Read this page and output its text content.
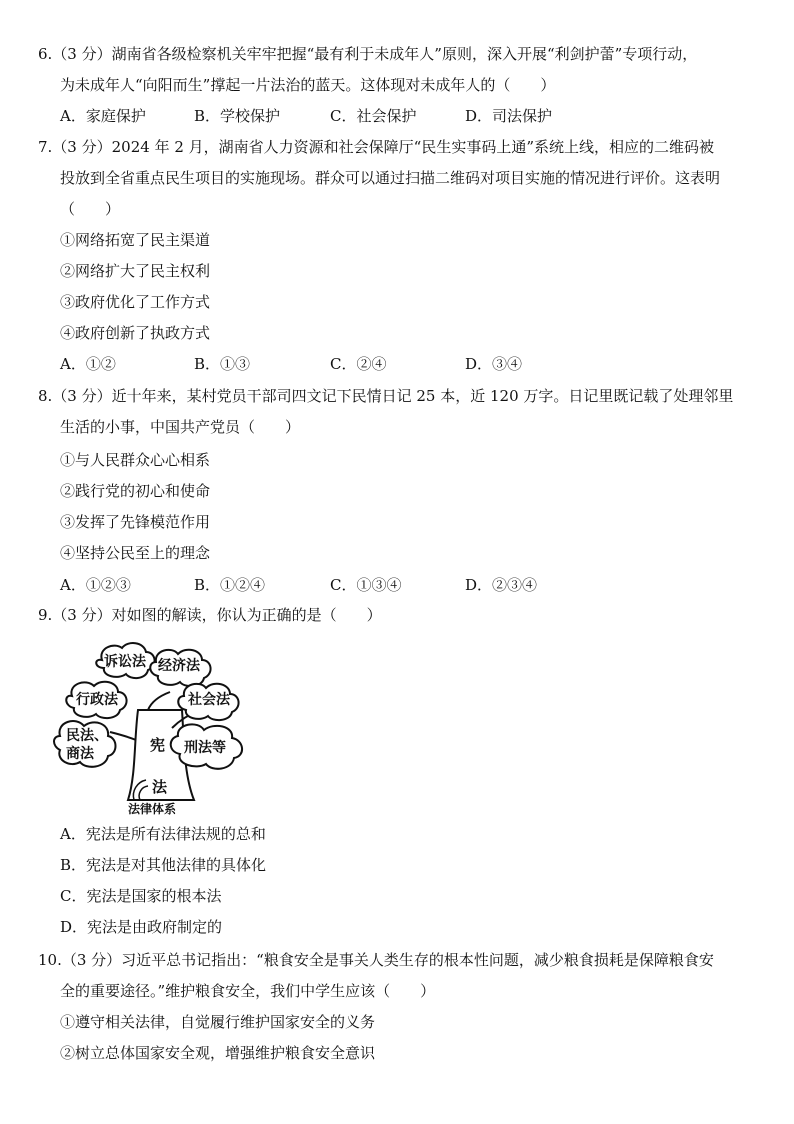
6.（3 分）湖南省各级检察机关牢牢把握“最有利于未成年人”原则，深入开展“利剑护蕾”专项行动，
为未成年人“向阳而生”撑起一片法治的蓝天。这体现对未成年人的（　　）
A．家庭保护	B．学校保护	C．社会保护	D．司法保护
7.（3 分）2024 年 2 月，湖南省人力资源和社会保障厅“民生实事码上通”系统上线，相应的二维码被
投放到全省重点民生项目的实施现场。群众可以通过扫描二维码对项目实施的情况进行评价。这表明
（　　）
①网络拓宽了民主渠道
②网络扩大了民主权利
③政府优化了工作方式
④政府创新了执政方式
A．①②	B．①③	C．②④	D．③④
8.（3 分）近十年来，某村党员干部司四文记下民情日记 25 本，近 120 万字。日记里既记载了处理邻里
生活的小事，中国共产党员（　　）
①与人民群众心心相系
②践行党的初心和使命
③发挥了先锋模范作用
④坚持公民至上的理念
A．①②③	B．①②④	C．①③④	D．②③④
9.（3 分）对如图的解读，你认为正确的是（　　）
诉讼法 经济法
行政法	社会法
民法、
商法	刑法等
宪
法
法律体系
A．宪法是所有法律法规的总和
B．宪法是对其他法律的具体化
C．宪法是国家的根本法
D．宪法是由政府制定的
10.（3 分）习近平总书记指出：“粮食安全是事关人类生存的根本性问题，减少粮食损耗是保障粮食安
全的重要途径。”维护粮食安全，我们中学生应该（　　）
①遵守相关法律，自觉履行维护国家安全的义务
②树立总体国家安全观，增强维护粮食安全意识
